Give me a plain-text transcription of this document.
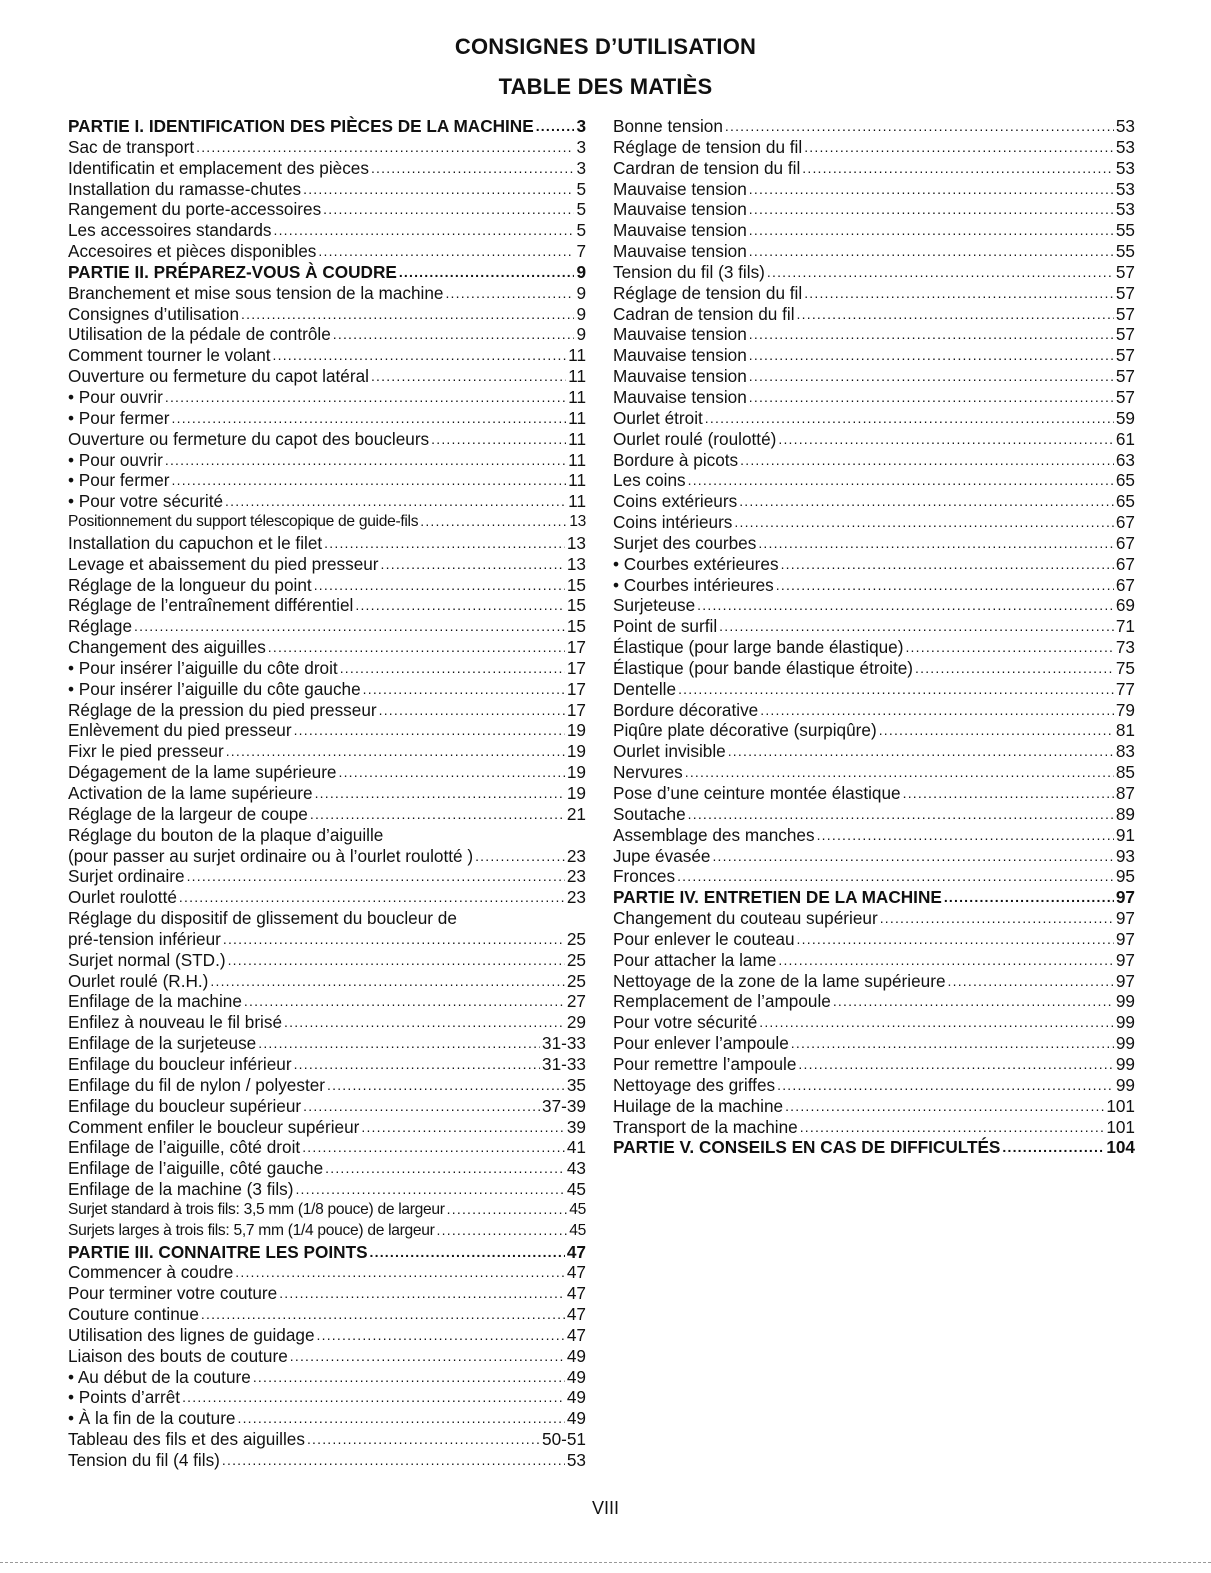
CONSIGNES D’UTILISATION
TABLE DES MATIÈS
PARTIE I. IDENTIFICATION DES PIÈCES DE LA MACHINE ..... 3
Sac de transport .....	3
Identificatin et emplacement des pièces .....	3
Installation du ramasse-chutes .....	5
Rangement du porte-accessoires .....	5
Les accessoires standards .....	5
Accesoires et pièces disponibles .....	7
PARTIE II. PRÉPAREZ-VOUS À COUDRE .....	9
Branchement et mise sous tension de la machine .....	9
Consignes d’utilisation .....	9
Utilisation de la pédale de contrôle .....	9
Comment tourner le volant .....	11
Ouverture ou fermeture du capot latéral .....	11
• Pour ouvrir .....	11
• Pour fermer .....	11
Ouverture ou fermeture du capot des boucleurs .....	11
• Pour ouvrir .....	11
• Pour fermer .....	11
• Pour votre sécurité .....	11
Positionnement du support télescopique de guide-fils .....	13
Installation du capuchon et le filet .....	13
Levage et abaissement du pied presseur .....	13
Réglage de la longueur du point .....	15
Réglage de l’entraînement différentiel .....	15
Réglage .....	15
Changement des aiguilles .....	17
• Pour insérer l’aiguille du côte droit .....	17
• Pour insérer l’aiguille du côte gauche .....	17
Réglage de la pression du pied presseur .....	17
Enlèvement du pied presseur .....	19
Fixr le pied presseur .....	19
Dégagement de la lame supérieure .....	19
Activation de la lame supérieure .....	19
Réglage de la largeur de coupe .....	21
Réglage du bouton de la plaque d’aiguille
(pour passer au surjet ordinaire ou à l’ourlet roulotté ) .....	23
Surjet ordinaire .....	23
Ourlet roulotté .....	23
Réglage du dispositif de glissement du boucleur de
pré-tension inférieur .....	25
Surjet normal (STD.) .....	25
Ourlet roulé (R.H.) .....	25
Enfilage de la machine .....	27
Enfilez à nouveau le fil brisé .....	29
Enfilage de la surjeteuse .....	31-33
Enfilage du boucleur inférieur .....	31-33
Enfilage du fil de nylon / polyester .....	35
Enfilage du boucleur supérieur .....	37-39
Comment enfiler le boucleur supérieur .....	39
Enfilage de l’aiguille, côté droit .....	41
Enfilage de l’aiguille, côté gauche .....	43
Enfilage de la machine (3 fils) .....	45
Surjet standard à trois fils: 3,5 mm (1/8 pouce) de largeur .....	45
Surjets larges à trois fils: 5,7 mm (1/4 pouce) de largeur .....	45
PARTIE III. CONNAITRE LES POINTS .....	47
Commencer à coudre .....	47
Pour terminer votre couture .....	47
Couture continue .....	47
Utilisation des lignes de guidage .....	47
Liaison des bouts de couture .....	49
• Au début de la couture .....	49
• Points d’arrêt .....	49
• À la fin de la couture .....	49
Tableau des fils et des aiguilles .....	50-51
Tension du fil (4 fils) .....	53
Bonne tension .....	53
Réglage de tension du fil .....	53
Cardran de tension du fil .....	53
Mauvaise tension .....	53
Mauvaise tension .....	53
Mauvaise tension .....	55
Mauvaise tension .....	55
Tension du fil (3 fils) .....	57
Réglage de tension du fil .....	57
Cadran de tension du fil .....	57
Mauvaise tension .....	57
Mauvaise tension .....	57
Mauvaise tension .....	57
Mauvaise tension .....	57
Ourlet étroit .....	59
Ourlet roulé (roulotté) .....	61
Bordure à picots .....	63
Les coins .....	65
Coins extérieurs .....	65
Coins intérieurs .....	67
Surjet des courbes .....	67
• Courbes extérieures .....	67
• Courbes intérieures .....	67
Surjeteuse .....	69
Point de surfil .....	71
Élastique (pour large bande élastique) .....	73
Élastique (pour bande élastique étroite) .....	75
Dentelle .....	77
Bordure décorative .....	79
Piqûre plate décorative (surpiqûre) .....	81
Ourlet invisible .....	83
Nervures .....	85
Pose d’une ceinture montée élastique .....	87
Soutache .....	89
Assemblage des manches .....	91
Jupe évasée .....	93
Fronces .....	95
PARTIE IV. ENTRETIEN DE LA MACHINE .....	97
Changement du couteau supérieur .....	97
Pour enlever le couteau .....	97
Pour attacher la lame .....	97
Nettoyage de la zone de la lame supérieure .....	97
Remplacement de l’ampoule .....	99
Pour votre sécurité .....	99
Pour enlever l’ampoule .....	99
Pour remettre l’ampoule .....	99
Nettoyage des griffes .....	99
Huilage de la machine .....	101
Transport de la machine .....	101
PARTIE V. CONSEILS EN CAS DE DIFFICULTÉS .....	104
VIII
